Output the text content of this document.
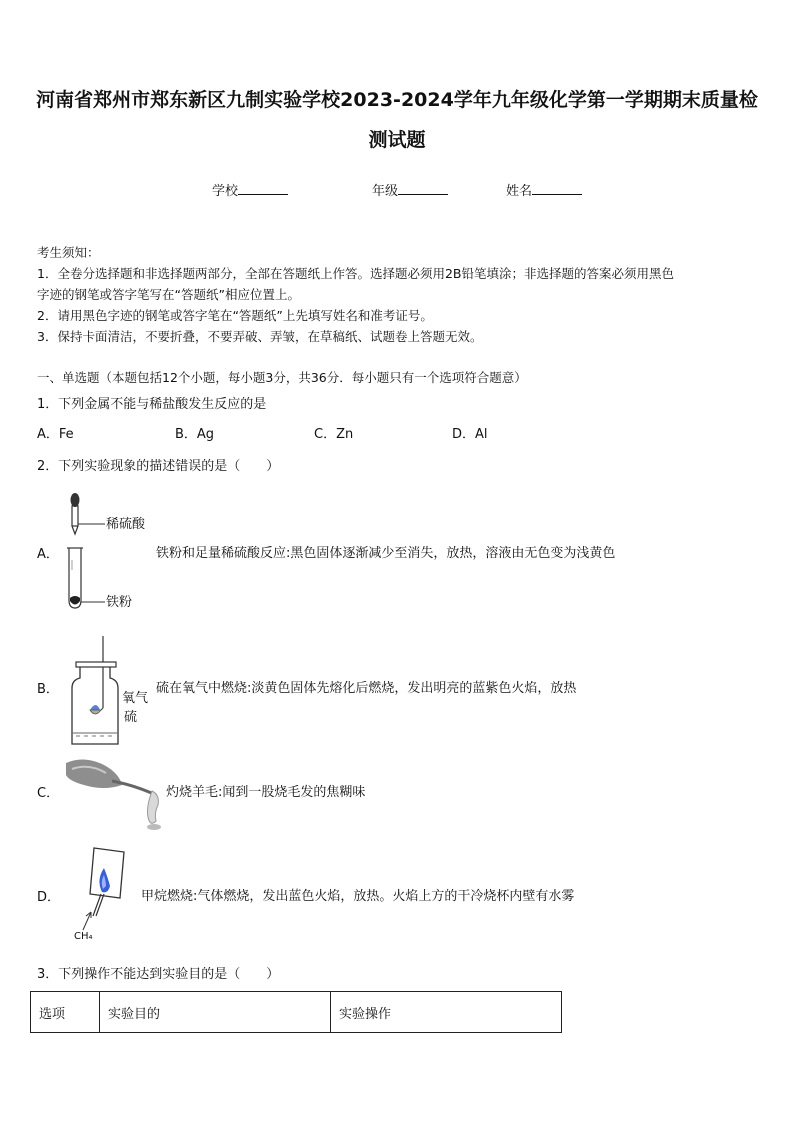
河南省郑州市郑东新区九制实验学校2023-2024学年九年级化学第一学期期末质量检
测试题
学校	年级	姓名
考生须知：
1．全卷分选择题和非选择题两部分，全部在答题纸上作答。选择题必须用2B铅笔填涂；非选择题的答案必须用黑色
字迹的钢笔或答字笔写在“答题纸”相应位置上。
2．请用黑色字迹的钢笔或答字笔在“答题纸”上先填写姓名和准考证号。
3．保持卡面清洁，不要折叠，不要弄破、弄皱，在草稿纸、试题卷上答题无效。
一、单选题（本题包括12个小题，每小题3分，共36分．每小题只有一个选项符合题意）
1．下列金属不能与稀盐酸发生反应的是
A．Fe	B．Ag	C．Zn	D．Al
2．下列实验现象的描述错误的是（　　）
A．
稀硫酸
铁粉
铁粉和足量稀硫酸反应:黑色固体逐渐减少至消失，放热，溶液由无色变为浅黄色
B．
氧气
硫
硫在氧气中燃烧:淡黄色固体先熔化后燃烧，发出明亮的蓝紫色火焰，放热
C．	灼烧羊毛:闻到一股烧毛发的焦糊味
D．
CH₄
甲烷燃烧:气体燃烧，发出蓝色火焰，放热。火焰上方的干冷烧杯内壁有水雾
3．下列操作不能达到实验目的是（　　）
选项	实验目的	实验操作
